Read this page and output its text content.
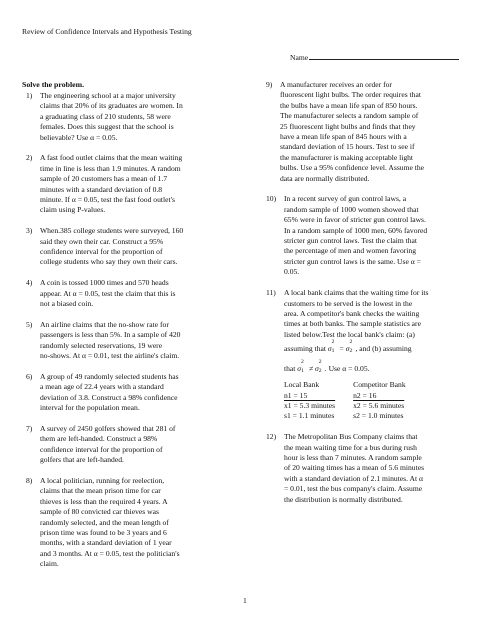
Review of Confidence Intervals and Hypothesis Testing
Name
Solve the problem.
1) The engineering school at a major university
claims that 20% of its graduates are women. In
a graduating class of 210 students, 58 were
females. Does this suggest that the school is
believable? Use α = 0.05.
2) A fast food outlet claims that the mean waiting
time in line is less than 1.9 minutes. A random
sample of 20 customers has a mean of 1.7
minutes with a standard deviation of 0.8
minute. If α = 0.05, test the fast food outlet's
claim using P-values.
3) When.385 college students were surveyed, 160
said they own their car. Construct a 95%
confidence interval for the proportion of
college students who say they own their cars.
4) A coin is tossed 1000 times and 570 heads
appear. At α = 0.05, test the claim that this is
not a biased coin.
5) An airline claims that the no-show rate for
passengers is less than 5%. In a sample of 420
randomly selected reservations, 19 were
no-shows. At α = 0.01, test the airline's claim.
6) A group of 49 randomly selected students has
a mean age of 22.4 years with a standard
deviation of 3.8. Construct a 98% confidence
interval for the population mean.
7) A survey of 2450 golfers showed that 281 of
them are left-handed. Construct a 98%
confidence interval for the proportion of
golfers that are left-handed.
8) A local politician, running for reelection,
claims that the mean prison time for car
thieves is less than the required 4 years. A
sample of 80 convicted car thieves was
randomly selected, and the mean length of
prison time was found to be 3 years and 6
months, with a standard deviation of 1 year
and 3 months. At α = 0.05, test the politician's
claim.
9) A manufacturer receives an order for
fluorescent light bulbs. The order requires that
the bulbs have a mean life span of 850 hours.
The manufacturer selects a random sample of
25 fluorescent light bulbs and finds that they
have a mean life span of 845 hours with a
standard deviation of 15 hours. Test to see if
the manufacturer is making acceptable light
bulbs. Use a 95% confidence level. Assume the
data are normally distributed.
10) In a recent survey of gun control laws, a
random sample of 1000 women showed that
65% were in favor of stricter gun control laws.
In a random sample of 1000 men, 60% favored
stricter gun control laws. Test the claim that
the percentage of men and women favoring
stricter gun control laws is the same. Use α =
0.05.
11) A local bank claims that the waiting time for its
customers to be served is the lowest in the
area. A competitor's bank checks the waiting
times at both banks. The sample statistics are
listed below.Test the local bank's claim: (a)
assuming that σ
2
1 = σ
2
2 , and (b) assuming
that σ
2
1 ≠ σ
2
2 . Use α = 0.05.
Local Bank
n1 = 15
x1 = 5.3 minutes
s1 = 1.1 minutes
Competitor Bank
n2 = 16
x2 = 5.6 minutes
s2 = 1.0 minutes
12) The Metropolitan Bus Company claims that
the mean waiting time for a bus during rush
hour is less than 7 minutes. A random sample
of 20 waiting times has a mean of 5.6 minutes
with a standard deviation of 2.1 minutes. At α
= 0.01, test the bus company's claim. Assume
the distribution is normally distributed.
1
